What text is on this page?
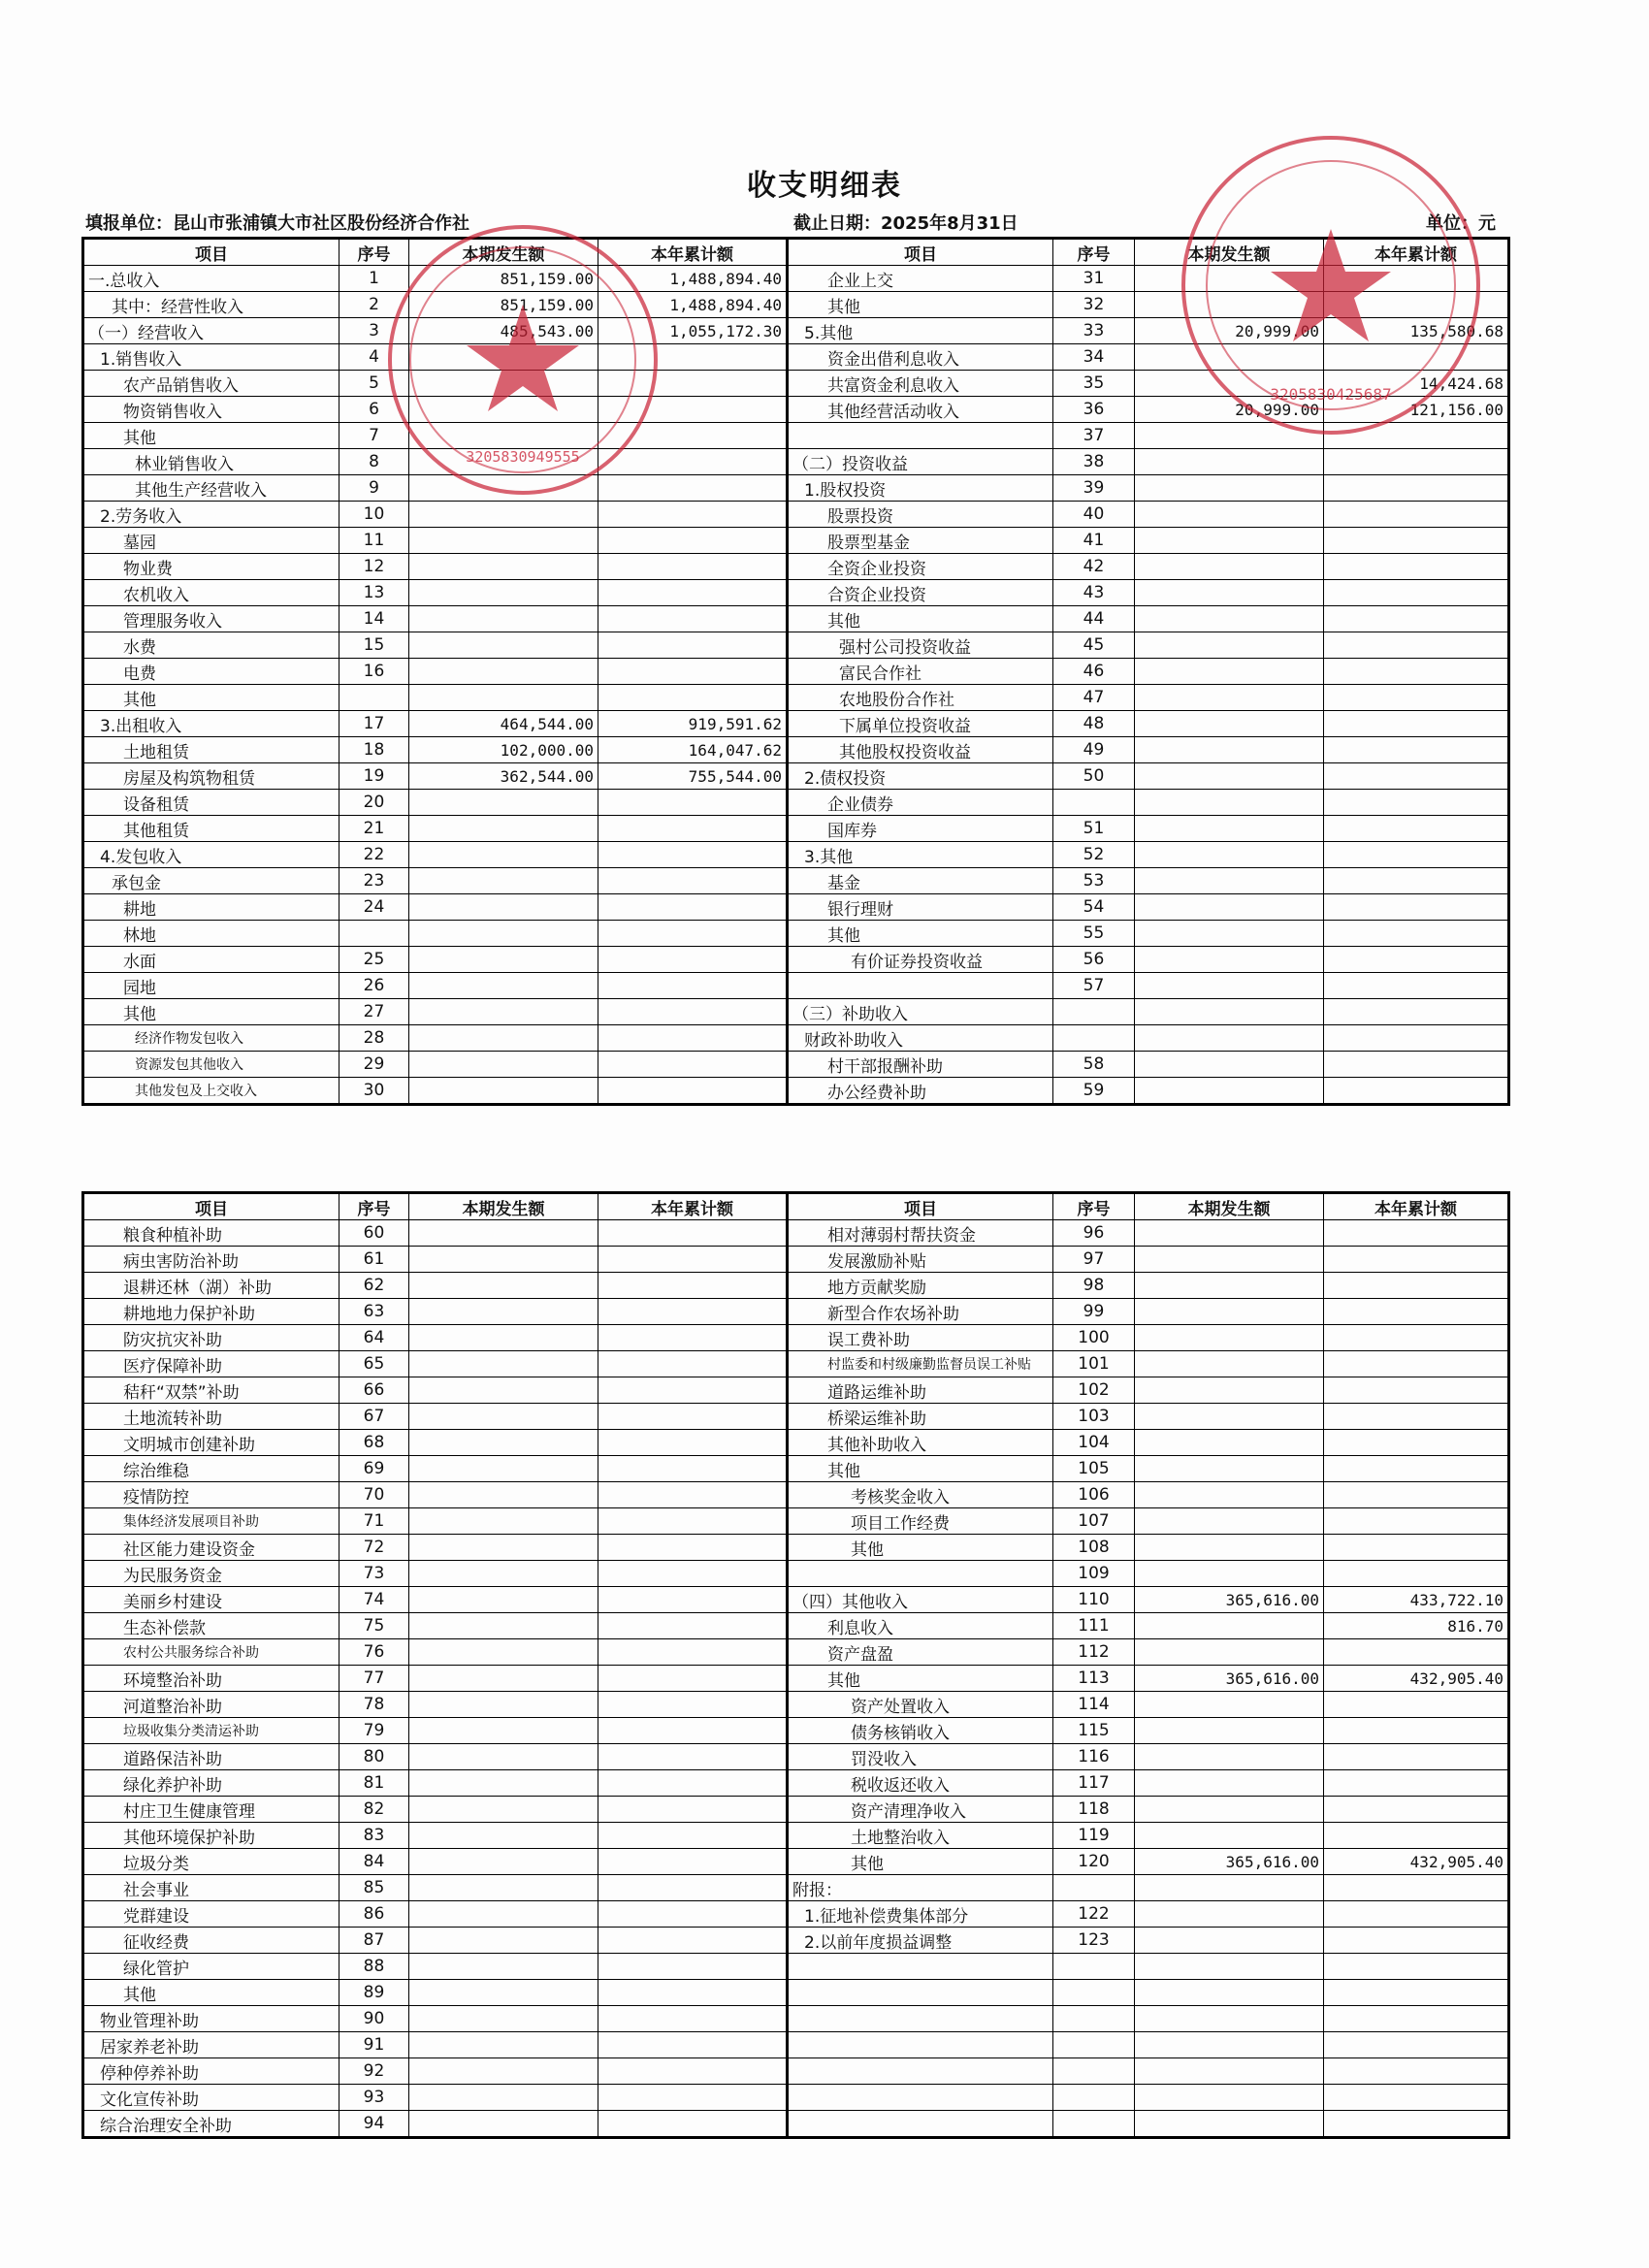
收支明细表
填报单位：昆山市张浦镇大市社区股份经济合作社	截止日期：2025年8月31日	单位：元
项目	序号	本期发生额	本年累计额	项目	序号	本期发生额	本年累计额
一.总收入	1	851,159.00	1,488,894.40	企业上交	31		
其中：经营性收入	2	851,159.00	1,488,894.40	其他	32		
（一）经营收入	3	485,543.00	1,055,172.30	5.其他	33	20,999.00	135,580.68
1.销售收入	4			资金出借利息收入	34		
农产品销售收入	5			共富资金利息收入	35		14,424.68
物资销售收入	6			其他经营活动收入	36	20,999.00	121,156.00
其他	7				37		
林业销售收入	8			（二）投资收益	38		
其他生产经营收入	9			1.股权投资	39		
2.劳务收入	10			股票投资	40		
墓园	11			股票型基金	41		
物业费	12			全资企业投资	42		
农机收入	13			合资企业投资	43		
管理服务收入	14			其他	44		
水费	15			强村公司投资收益	45		
电费	16			富民合作社	46		
其他				农地股份合作社	47		
3.出租收入	17	464,544.00	919,591.62	下属单位投资收益	48		
土地租赁	18	102,000.00	164,047.62	其他股权投资收益	49		
房屋及构筑物租赁	19	362,544.00	755,544.00	2.债权投资	50		
设备租赁	20			企业债券			
其他租赁	21			国库券	51		
4.发包收入	22			3.其他	52		
承包金	23			基金	53		
耕地	24			银行理财	54		
林地				其他	55		
水面	25			有价证券投资收益	56		
园地	26				57		
其他	27			（三）补助收入			
经济作物发包收入	28			财政补助收入			
资源发包其他收入	29			村干部报酬补助	58		
其他发包及上交收入	30			办公经费补助	59		
项目	序号	本期发生额	本年累计额	项目	序号	本期发生额	本年累计额
粮食种植补助	60			相对薄弱村帮扶资金	96		
病虫害防治补助	61			发展激励补贴	97		
退耕还林（湖）补助	62			地方贡献奖励	98		
耕地地力保护补助	63			新型合作农场补助	99		
防灾抗灾补助	64			误工费补助	100		
医疗保障补助	65			村监委和村级廉勤监督员误工补贴	101		
秸秆“双禁”补助	66			道路运维补助	102		
土地流转补助	67			桥梁运维补助	103		
文明城市创建补助	68			其他补助收入	104		
综治维稳	69			其他	105		
疫情防控	70			考核奖金收入	106		
集体经济发展项目补助	71			项目工作经费	107		
社区能力建设资金	72			其他	108		
为民服务资金	73				109		
美丽乡村建设	74			（四）其他收入	110	365,616.00	433,722.10
生态补偿款	75			利息收入	111		816.70
农村公共服务综合补助	76			资产盘盈	112		
环境整治补助	77			其他	113	365,616.00	432,905.40
河道整治补助	78			资产处置收入	114		
垃圾收集分类清运补助	79			债务核销收入	115		
道路保洁补助	80			罚没收入	116		
绿化养护补助	81			税收返还收入	117		
村庄卫生健康管理	82			资产清理净收入	118		
其他环境保护补助	83			土地整治收入	119		
垃圾分类	84			其他	120	365,616.00	432,905.40
社会事业	85			附报：			
党群建设	86			1.征地补偿费集体部分	122		
征收经费	87			2.以前年度损益调整	123		
绿化管护	88						
其他	89						
物业管理补助	90						
居家养老补助	91						
停种停养补助	92						
文化宣传补助	93						
综合治理安全补助	94						
3205830949555
3205830425687
